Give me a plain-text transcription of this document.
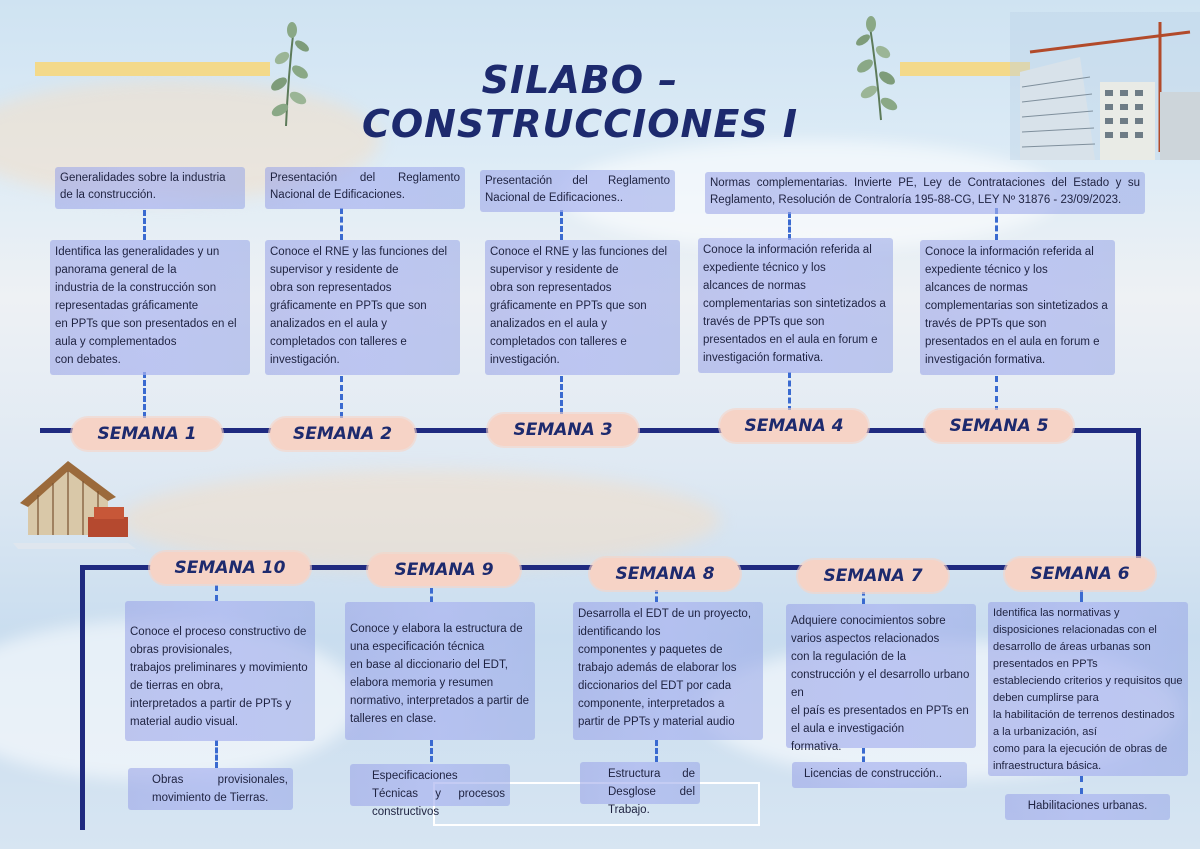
SILABO – CONSTRUCCIONES I
Generalidades sobre la industria de la construcción.
Presentación del Reglamento Nacional de Edificaciones.
Presentación del Reglamento Nacional de Edificaciones..
Normas complementarias. Invierte PE, Ley de Contrataciones del Estado y su Reglamento, Resolución de Contraloría 195-88-CG, LEY Nº 31876 - 23/09/2023.
Identifica las generalidades y un panorama general de la
industria de la construcción son representadas gráficamente
en PPTs que son presentados en el aula y complementados
con debates.
Conoce el RNE y las funciones del supervisor y residente de
obra son representados gráficamente en PPTs que son
analizados en el aula y completados con talleres e
investigación.
Conoce el RNE y las funciones del supervisor y residente de
obra son representados gráficamente en PPTs que son
analizados en el aula y completados con talleres e
investigación.
Conoce la información referida al expediente técnico y los
alcances de normas complementarias son sintetizados a
través de PPTs que son presentados en el aula en forum e
investigación formativa.
Conoce la información referida al expediente técnico y los
alcances de normas complementarias son sintetizados a
través de PPTs que son presentados en el aula en forum e
investigación formativa.
SEMANA 1	SEMANA 2	SEMANA 3	SEMANA 4	SEMANA 5
SEMANA 10	SEMANA 9	SEMANA 8	SEMANA 7	SEMANA 6
Conoce el proceso constructivo de obras provisionales,
trabajos preliminares y movimiento de tierras en obra,
interpretados a partir de PPTs y material audio visual.
Conoce y elabora la estructura de una especificación técnica
en base al diccionario del EDT, elabora memoria y resumen
normativo, interpretados a partir de talleres en clase.
Desarrolla el EDT de un proyecto, identificando los
componentes y paquetes de trabajo además de elaborar los
diccionarios del EDT por cada componente, interpretados a
partir de PPTs y material audio
Adquiere conocimientos sobre varios aspectos relacionados
con la regulación de la construcción y el desarrollo urbano en
el país es presentados en PPTs en el aula e investigación
formativa.
Identifica las normativas y disposiciones relacionadas con el
desarrollo de áreas urbanas son presentados en PPTs
estableciendo criterios y requisitos que deben cumplirse para
la habilitación de terrenos destinados a la urbanización, así
como para la ejecución de obras de infraestructura básica.
Obras provisionales, movimiento de Tierras.
Especificaciones Técnicas y procesos constructivos
Estructura de Desglose del Trabajo.
Licencias de construcción..
Habilitaciones urbanas.
